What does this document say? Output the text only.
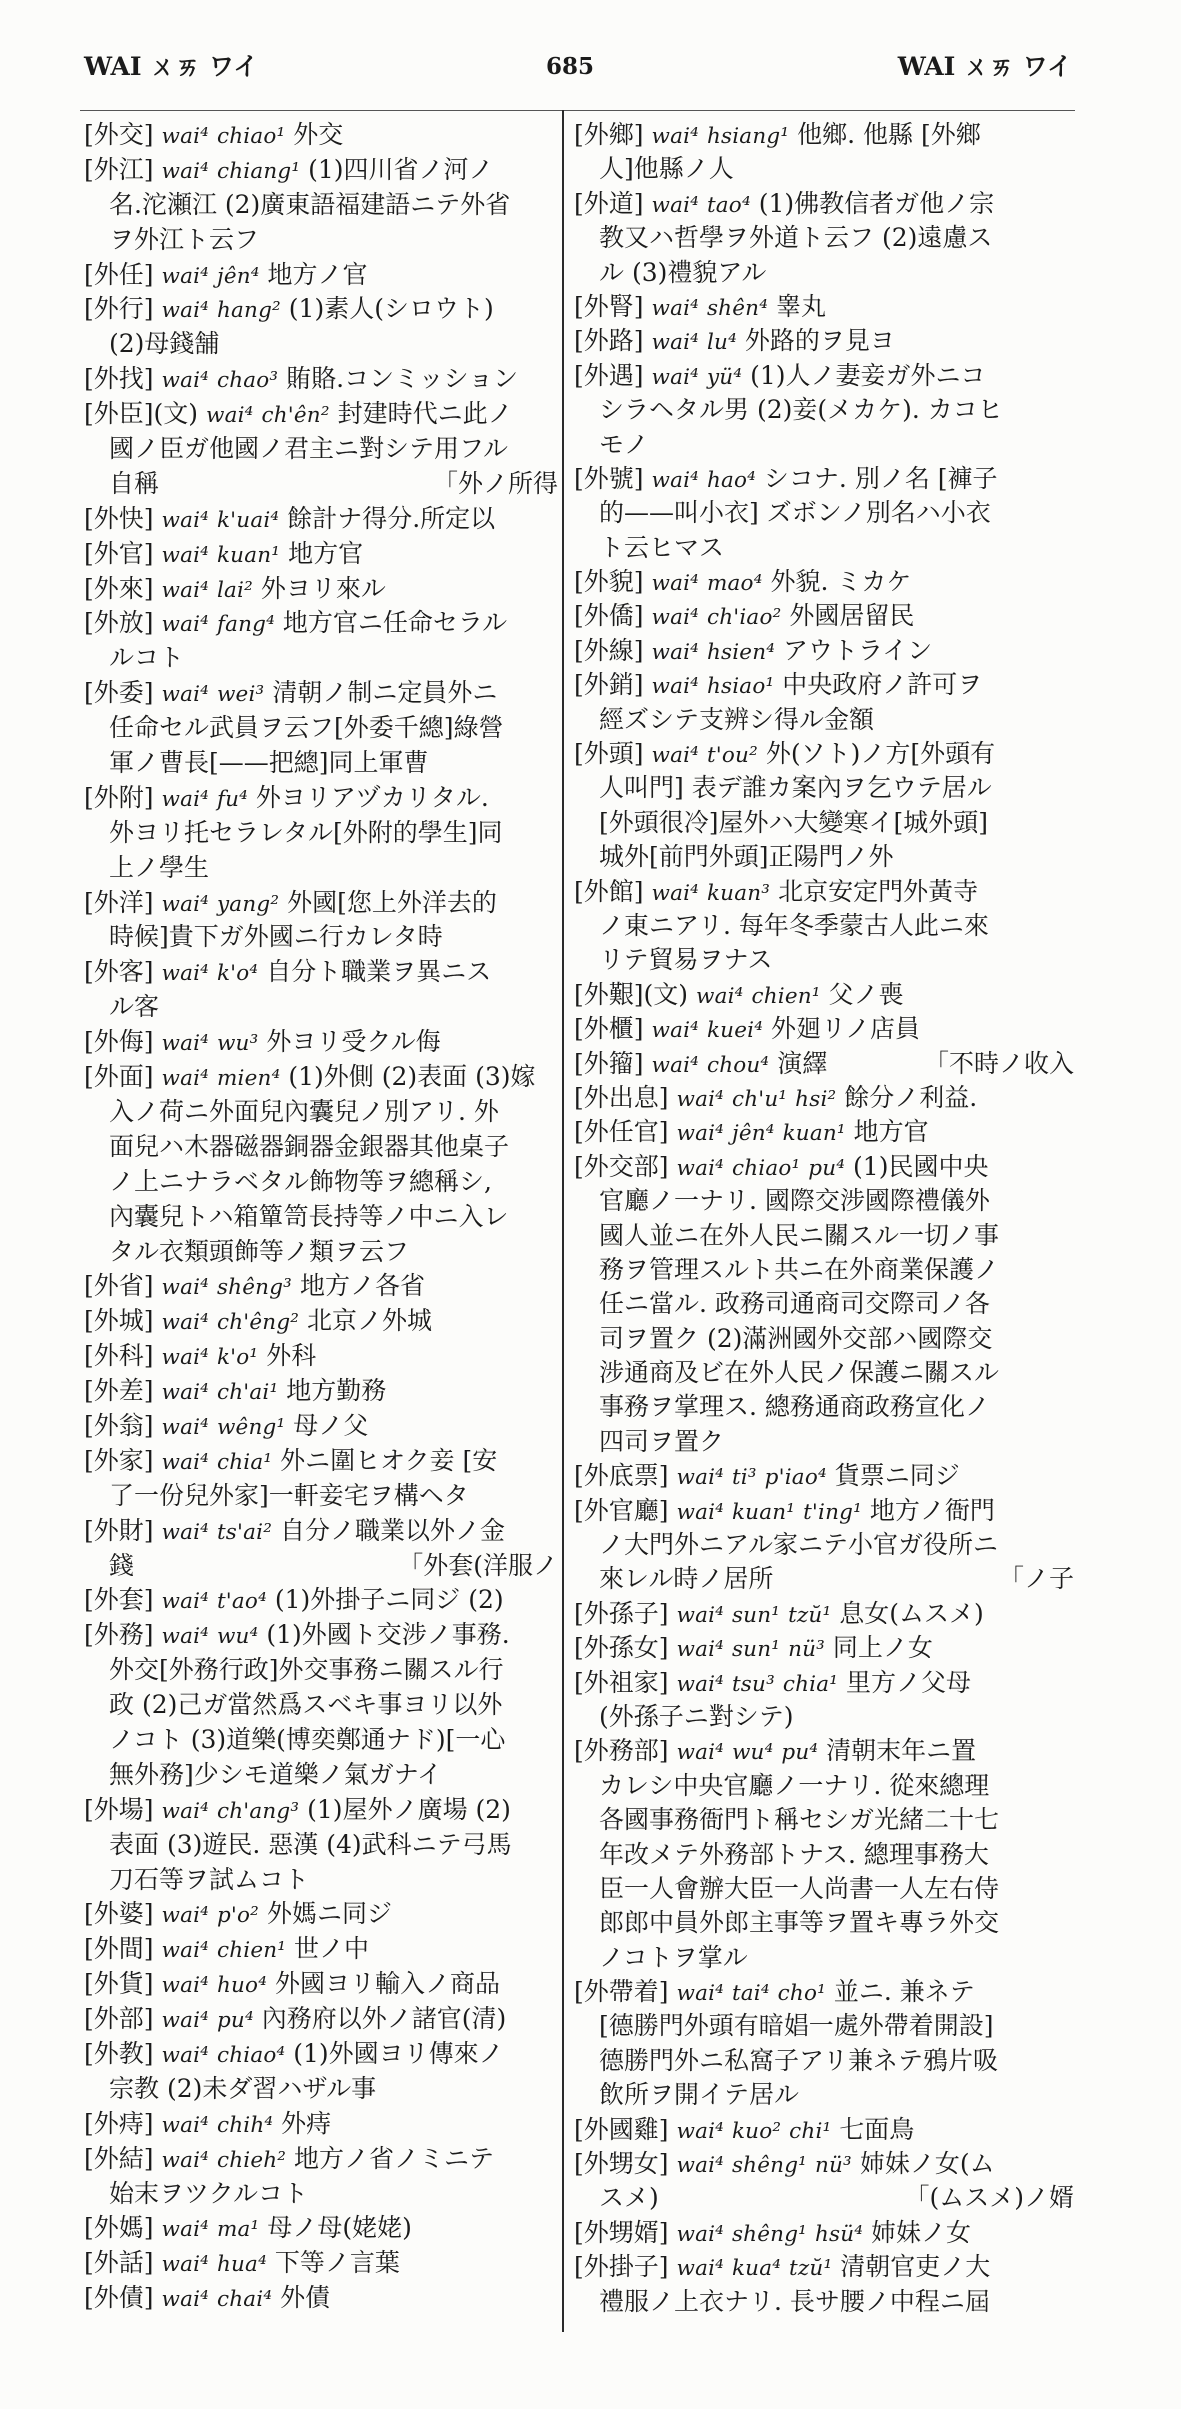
WAI ㄨㄞ ワイ	685	WAI ㄨㄞ ワイ
[外交] wai⁴ chiao¹ 外交
[外江] wai⁴ chiang¹ (1)四川省ノ河ノ
名.沱瀬江 (2)廣東語福建語ニテ外省
ヲ外江ト云フ
[外任] wai⁴ jên⁴ 地方ノ官
[外行] wai⁴ hang² (1)素人(シロウト)
(2)母錢舗
[外找] wai⁴ chao³ 賄賂.コンミッション
[外臣](文) wai⁴ ch'ên² 封建時代ニ此ノ
國ノ臣ガ他國ノ君主ニ對シテ用フル
「外ノ所得
自稱
[外快] wai⁴ k'uai⁴ 餘計ナ得分.所定以
[外官] wai⁴ kuan¹ 地方官
[外來] wai⁴ lai² 外ヨリ來ル
[外放] wai⁴ fang⁴ 地方官ニ任命セラル
ルコト
[外委] wai⁴ wei³ 清朝ノ制ニ定員外ニ
任命セル武員ヲ云フ[外委千總]綠營
軍ノ曹長[——把總]同上軍曹
[外附] wai⁴ fu⁴ 外ヨリアヅカリタル.
外ヨリ托セラレタル[外附的學生]同
上ノ學生
[外洋] wai⁴ yang² 外國[您上外洋去的
時候]貴下ガ外國ニ行カレタ時
[外客] wai⁴ k'o⁴ 自分ト職業ヲ異ニス
ル客
[外侮] wai⁴ wu³ 外ヨリ受クル侮
[外面] wai⁴ mien⁴ (1)外側 (2)表面 (3)嫁
入ノ荷ニ外面兒內囊兒ノ別アリ. 外
面兒ハ木器磁器銅器金銀器其他桌子
ノ上ニナラベタル飾物等ヲ總稱シ,
內囊兒トハ箱簞笥長持等ノ中ニ入レ
タル衣類頭飾等ノ類ヲ云フ
[外省] wai⁴ shêng³ 地方ノ各省
[外城] wai⁴ ch'êng² 北京ノ外城
[外科] wai⁴ k'o¹ 外科
[外差] wai⁴ ch'ai¹ 地方勤務
[外翁] wai⁴ wêng¹ 母ノ父
[外家] wai⁴ chia¹ 外ニ圍ヒオク妾 [安
了一份兒外家]一軒妾宅ヲ構ヘタ
[外財] wai⁴ ts'ai² 自分ノ職業以外ノ金
「外套(洋服ノ
錢
[外套] wai⁴ t'ao⁴ (1)外掛子ニ同ジ (2)
[外務] wai⁴ wu⁴ (1)外國ト交涉ノ事務.
外交[外務行政]外交事務ニ關スル行
政 (2)己ガ當然爲スベキ事ヨリ以外
ノコト (3)道樂(博奕鄭通ナド)[一心
無外務]少シモ道樂ノ氣ガナイ
[外場] wai⁴ ch'ang³ (1)屋外ノ廣場 (2)
表面 (3)遊民. 惡漢 (4)武科ニテ弓馬
刀石等ヲ試ムコト
[外婆] wai⁴ p'o² 外媽ニ同ジ
[外間] wai⁴ chien¹ 世ノ中
[外貨] wai⁴ huo⁴ 外國ヨリ輸入ノ商品
[外部] wai⁴ pu⁴ 內務府以外ノ諸官(清)
[外教] wai⁴ chiao⁴ (1)外國ヨリ傳來ノ
宗教 (2)未ダ習ハザル事
[外痔] wai⁴ chih⁴ 外痔
[外結] wai⁴ chieh² 地方ノ省ノミニテ
始末ヲツクルコト
[外媽] wai⁴ ma¹ 母ノ母(姥姥)
[外話] wai⁴ hua⁴ 下等ノ言葉
[外債] wai⁴ chai⁴ 外債
[外鄉] wai⁴ hsiang¹ 他鄉. 他縣 [外鄉
人]他縣ノ人
[外道] wai⁴ tao⁴ (1)佛教信者ガ他ノ宗
教又ハ哲學ヲ外道ト云フ (2)遠慮ス
ル (3)禮貌アル
[外腎] wai⁴ shên⁴ 睾丸
[外路] wai⁴ lu⁴ 外路的ヲ見ヨ
[外遇] wai⁴ yü⁴ (1)人ノ妻妾ガ外ニコ
シラヘタル男 (2)妾(メカケ). カコヒ
モノ
[外號] wai⁴ hao⁴ シコナ. 別ノ名 [褲子
的——叫小衣] ズボンノ別名ハ小衣
ト云ヒマス
[外貌] wai⁴ mao⁴ 外貌. ミカケ
[外僑] wai⁴ ch'iao² 外國居留民
[外線] wai⁴ hsien⁴ アウトライン
[外銷] wai⁴ hsiao¹ 中央政府ノ許可ヲ
經ズシテ支辨シ得ル金額
[外頭] wai⁴ t'ou² 外(ソト)ノ方[外頭有
人叫門] 表デ誰カ案內ヲ乞ウテ居ル
[外頭很冷]屋外ハ大變寒イ[城外頭]
城外[前門外頭]正陽門ノ外
[外館] wai⁴ kuan³ 北京安定門外黃寺
ノ東ニアリ. 每年冬季蒙古人此ニ來
リテ貿易ヲナス
[外艱](文) wai⁴ chien¹ 父ノ喪
[外櫃] wai⁴ kuei⁴ 外廻リノ店員
「不時ノ收入
[外籀] wai⁴ chou⁴ 演繹
[外出息] wai⁴ ch'u¹ hsi² 餘分ノ利益.
[外任官] wai⁴ jên⁴ kuan¹ 地方官
[外交部] wai⁴ chiao¹ pu⁴ (1)民國中央
官廳ノ一ナリ. 國際交涉國際禮儀外
國人並ニ在外人民ニ關スル一切ノ事
務ヲ管理スルト共ニ在外商業保護ノ
任ニ當ル. 政務司通商司交際司ノ各
司ヲ置ク (2)滿洲國外交部ハ國際交
涉通商及ビ在外人民ノ保護ニ關スル
事務ヲ掌理ス. 總務通商政務宣化ノ
四司ヲ置ク
[外底票] wai⁴ ti³ p'iao⁴ 貨票ニ同ジ
[外官廳] wai⁴ kuan¹ t'ing¹ 地方ノ衙門
ノ大門外ニアル家ニテ小官ガ役所ニ
「ノ子
來レル時ノ居所
[外孫子] wai⁴ sun¹ tzŭ¹ 息女(ムスメ)
[外孫女] wai⁴ sun¹ nü³ 同上ノ女
[外祖家] wai⁴ tsu³ chia¹ 里方ノ父母
(外孫子ニ對シテ)
[外務部] wai⁴ wu⁴ pu⁴ 清朝末年ニ置
カレシ中央官廳ノ一ナリ. 從來總理
各國事務衙門ト稱セシガ光緒二十七
年改メテ外務部トナス. 總理事務大
臣一人會辦大臣一人尚書一人左右侍
郎郎中員外郎主事等ヲ置キ專ラ外交
ノコトヲ掌ル
[外帶着] wai⁴ tai⁴ cho¹ 並ニ. 兼ネテ
[德勝門外頭有暗娼一處外帶着開設]
德勝門外ニ私窩子アリ兼ネテ鴉片吸
飲所ヲ開イテ居ル
[外國雞] wai⁴ kuo² chi¹ 七面鳥
[外甥女] wai⁴ shêng¹ nü³ 姉妹ノ女(ム
「(ムスメ)ノ婿
スメ)
[外甥婿] wai⁴ shêng¹ hsü⁴ 姉妹ノ女
[外掛子] wai⁴ kua⁴ tzŭ¹ 清朝官吏ノ大
禮服ノ上衣ナリ. 長サ腰ノ中程ニ屆
